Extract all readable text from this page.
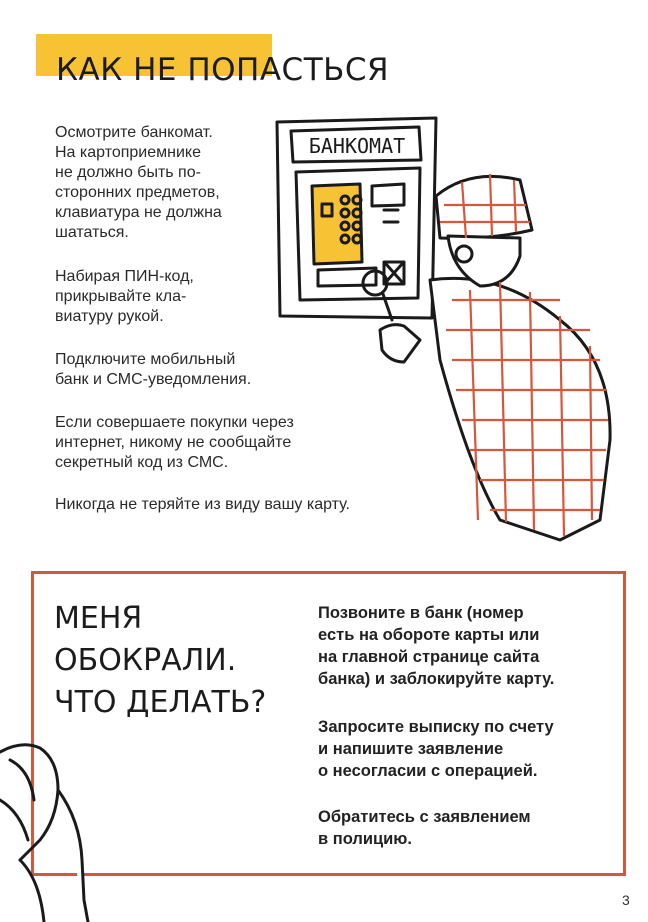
КАК НЕ ПОПАСТЬСЯ

Осмотрите банкомат.
На картоприемнике
не должно быть по-
сторонних предметов,
клавиатура не должна
шататься.

Набирая ПИН-код,
прикрывайте кла-
виатуру рукой.

Подключите мобильный
банк и СМС-уведомления.

Если совершаете покупки через
интернет, никому не сообщайте
секретный код из СМС.

Никогда не теряйте из виду вашу карту.

БАНКОМАТ
МЕНЯ
ОБОКРАЛИ.
ЧТО ДЕЛАТЬ?

Позвоните в банк (номер
есть на обороте карты или
на главной странице сайта
банка) и заблокируйте карту.

Запросите выписку по счету
и напишите заявление
о несогласии с операцией.

Обратитесь с заявлением
в полицию.

3
